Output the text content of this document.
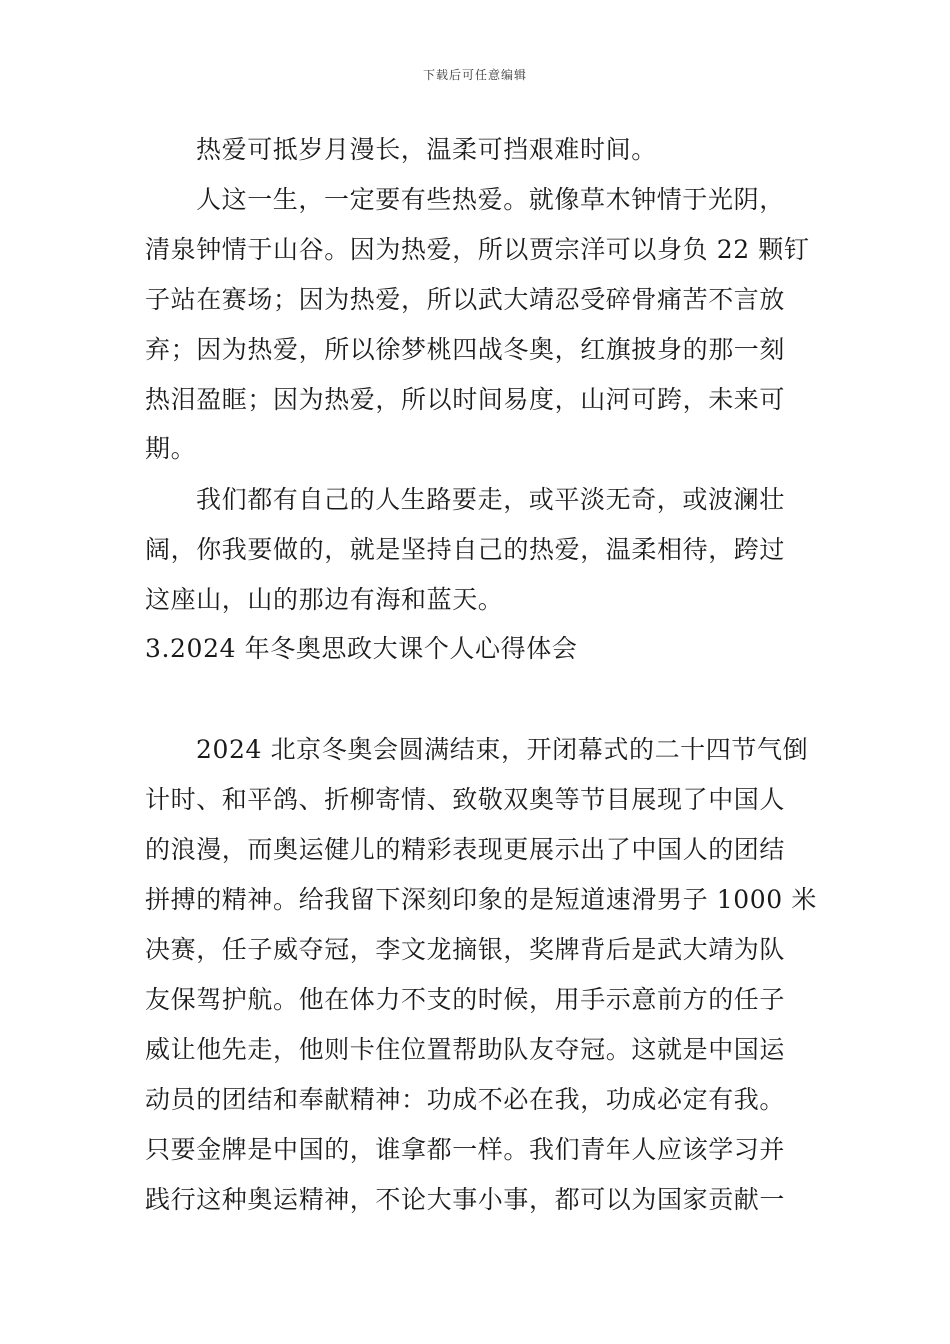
下载后可任意编辑
热爱可抵岁月漫长，温柔可挡艰难时间。
人这一生，一定要有些热爱。就像草木钟情于光阴，
清泉钟情于山谷。因为热爱，所以贾宗洋可以身负 22 颗钉
子站在赛场；因为热爱，所以武大靖忍受碎骨痛苦不言放
弃；因为热爱，所以徐梦桃四战冬奥，红旗披身的那一刻
热泪盈眶；因为热爱，所以时间易度，山河可跨，未来可
期。
我们都有自己的人生路要走，或平淡无奇，或波澜壮
阔，你我要做的，就是坚持自己的热爱，温柔相待，跨过
这座山，山的那边有海和蓝天。
3.2024 年冬奥思政大课个人心得体会
2024 北京冬奥会圆满结束，开闭幕式的二十四节气倒
计时、和平鸽、折柳寄情、致敬双奥等节目展现了中国人
的浪漫，而奥运健儿的精彩表现更展示出了中国人的团结
拼搏的精神。给我留下深刻印象的是短道速滑男子 1000 米
决赛，任子威夺冠，李文龙摘银，奖牌背后是武大靖为队
友保驾护航。他在体力不支的时候，用手示意前方的任子
威让他先走，他则卡住位置帮助队友夺冠。这就是中国运
动员的团结和奉献精神：功成不必在我，功成必定有我。
只要金牌是中国的，谁拿都一样。我们青年人应该学习并
践行这种奥运精神，不论大事小事，都可以为国家贡献一
